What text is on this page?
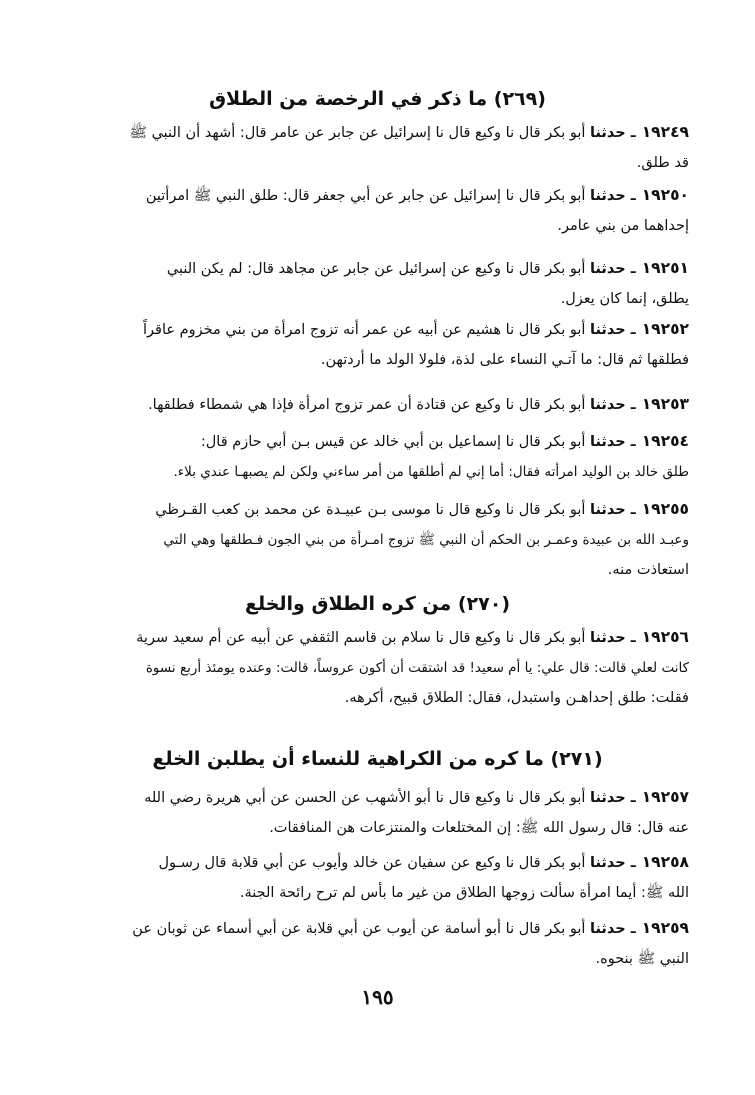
(٢٦٩) ما ذكر في الرخصة من الطلاق
١٩٢٤٩ـ حدثنا أبو بكر قال نا وكيع قال نا إسرائيل عن جابر عن عامر قال: أشهد أن النبي ﷺ
قد طلق.
١٩٢٥٠ـ حدثنا أبو بكر قال نا إسرائيل عن جابر عن أبي جعفر قال: طلق النبي ﷺ امرأتين
إحداهما من بني عامر.
١٩٢٥١ـ حدثنا أبو بكر قال نا وكيع عن إسرائيل عن جابر عن مجاهد قال: لم يكن النبي
يطلق، إنما كان يعزل.
١٩٢٥٢ـ حدثنا أبو بكر قال نا هشيم عن أبيه عن عمر أنه تزوج امرأة من بني مخزوم عاقراً
فطلقها ثم قال: ما آتـي النساء على لذة، فلولا الولد ما أردتهن.
١٩٢٥٣ـ حدثنا أبو بكر قال نا وكيع عن قتادة أن عمر تزوج امرأة فإذا هي شمطاء فطلقها.
١٩٢٥٤ـ حدثنا أبو بكر قال نا إسماعيل بن أبي خالد عن قيس بـن أبي حازم قال:
طلق خالد بن الوليد امرأته فقال: أما إني لم أطلقها من أمر ساءني ولكن لم يصبهـا عندي بلاء.
١٩٢٥٥ـ حدثنا أبو بكر قال نا وكيع قال نا موسى بـن عبيـدة عن محمد بن كعب القـرظي
وعبـد الله بن عبيدة وعمـر بن الحكم أن النبي ﷺ تزوج امـرأة من بني الجون فـطلقها وهي التي
استعاذت منه.
(٢٧٠) من كره الطلاق والخلع
١٩٢٥٦ـ حدثنا أبو بكر قال نا وكيع قال نا سلام بن قاسم الثقفي عن أبيه عن أم سعيد سرية
كانت لعلي قالت: قال علي: يا أم سعيد! قد اشتقت أن أكون عروساً، قالت: وعنده يومئذ أربع نسوة
فقلت: طلق إحداهـن واستبدل، فقال: الطلاق قبيح، أكرهه.
(٢٧١) ما كره من الكراهية للنساء أن يطلبن الخلع
١٩٢٥٧ـ حدثنا أبو بكر قال نا وكيع قال نا أبو الأشهب عن الحسن عن أبي هريرة رضي الله
عنه قال: قال رسول الله ﷺ: إن المختلعات والمنتزعات هن المنافقات.
١٩٢٥٨ـ حدثنا أبو بكر قال نا وكيع عن سفيان عن خالد وأيوب عن أبي قلابة قال رسـول
الله ﷺ: أيما امرأة سألت زوجها الطلاق من غير ما بأس لم ترح رائحة الجنة.
١٩٢٥٩ـ حدثنا أبو بكر قال نا أبو أسامة عن أيوب عن أبي قلابة عن أبي أسماء عن ثوبان عن
النبي ﷺ بنحوه.
١٩٥
